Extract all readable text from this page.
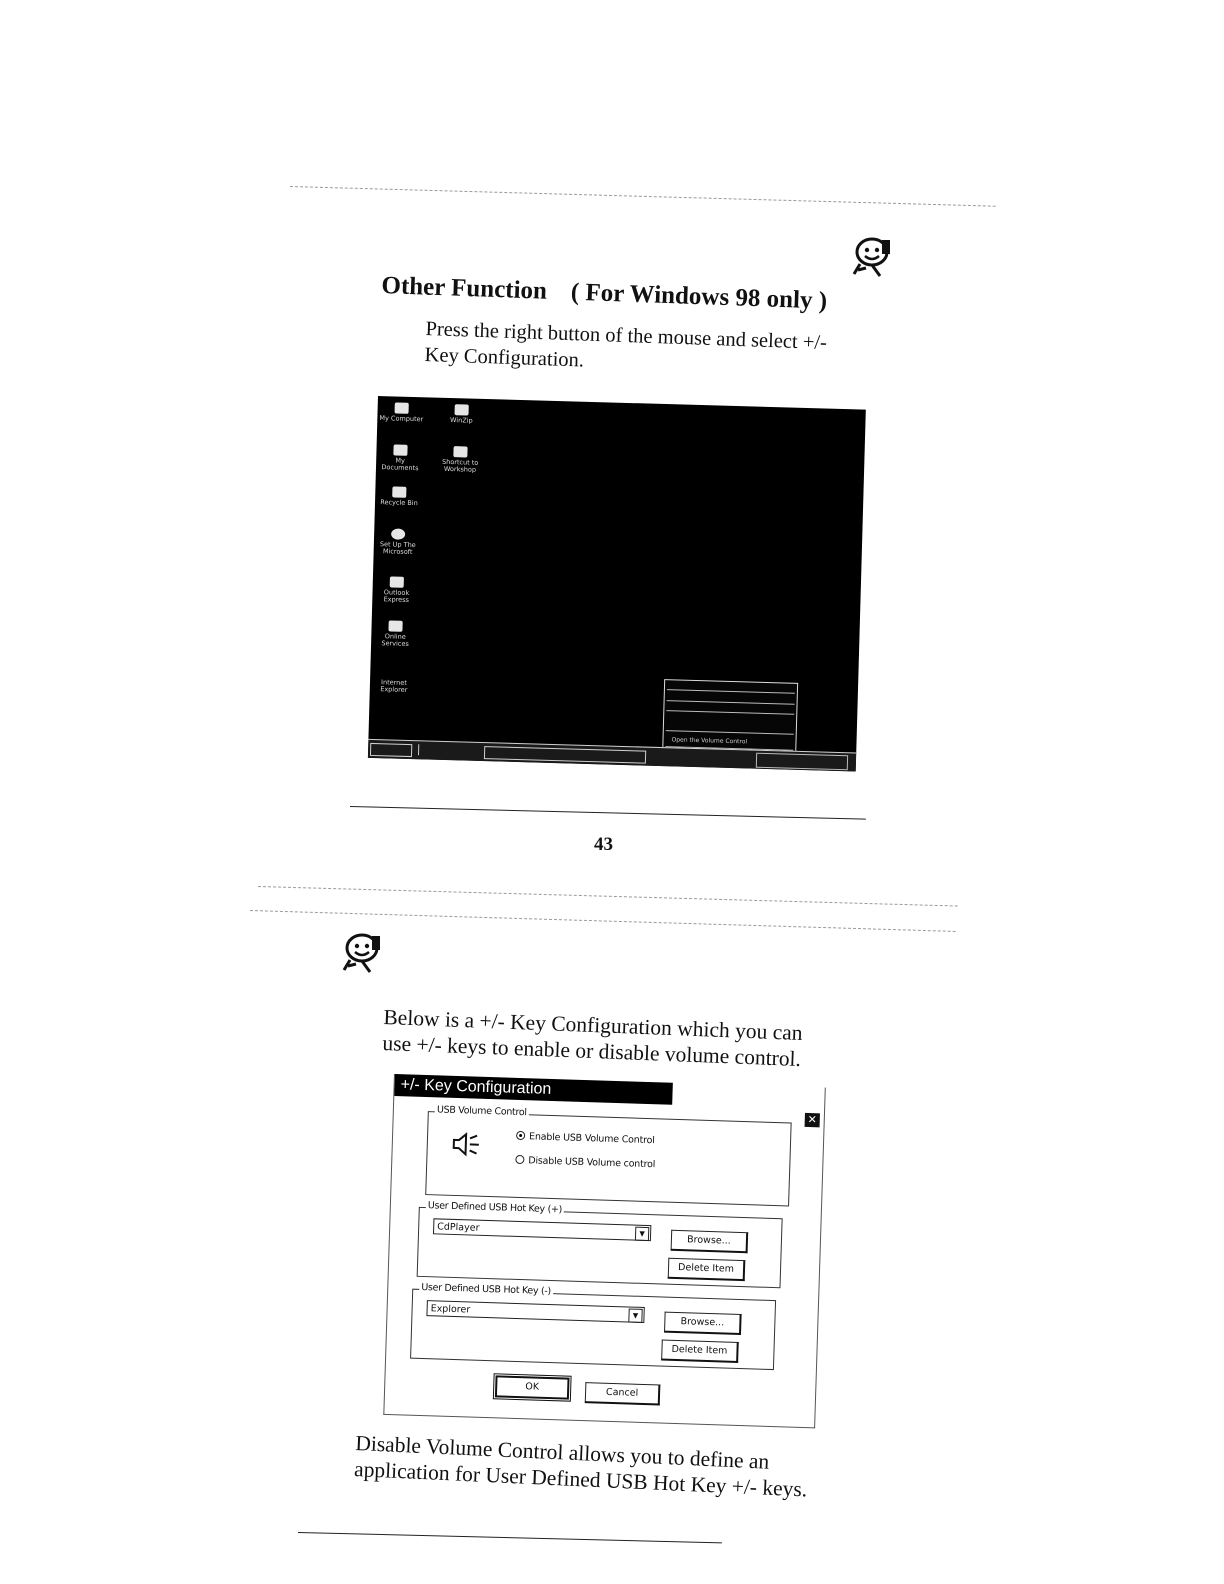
Other Function ( For Windows 98 only )
Press the right button of the mouse and select +/-
Key Configuration.
My Computer
My Documents
Recycle Bin
Set Up The Microsoft
Outlook Express
Online Services
Internet Explorer
WinZip
Shortcut to Workshop
Open the Volume Control
43
Below is a +/- Key Configuration which you can
use +/- keys to enable or disable volume control.
+/- Key Configuration
✕
USB Volume Control
Enable USB Volume Control
Disable USB Volume control
User Defined USB Hot Key (+)
CdPlayer
▼
Browse...
Delete Item
User Defined USB Hot Key (-)
Explorer
▼
Browse...
Delete Item
OK	Cancel
Disable Volume Control allows you to define an
application for User Defined USB Hot Key +/- keys.
